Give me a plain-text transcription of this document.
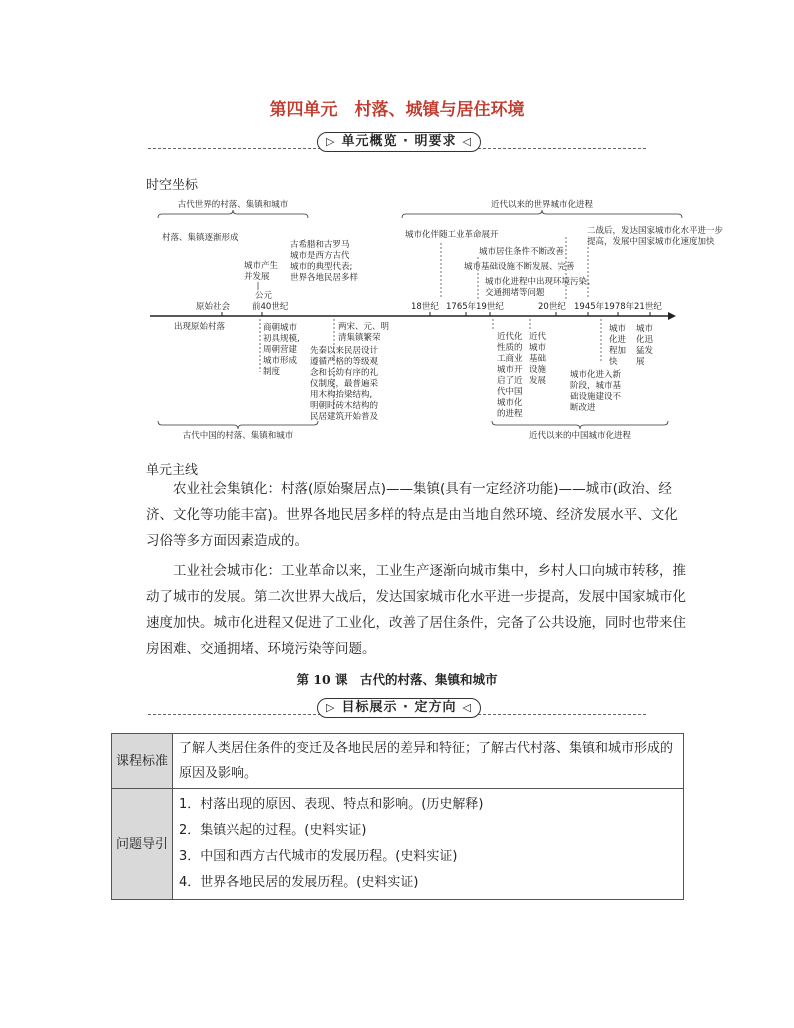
第四单元　村落、城镇与居住环境
▷ 单元概览 · 明要求 ◁
时空坐标
古代世界的村落、集镇和城市	近代以来的世界城市化进程
村落、集镇逐渐形成
城市产生
并发展
古希腊和古罗马
城市是西方古代
城市的典型代表;
世界各地民居多样
公元
前40世纪
城市化伴随工业革命展开	二战后，发达国家城市化水平进一步
提高，发展中国家城市化速度加快
城市居住条件不断改善
城市基础设施不断发展、完善
城市化进程中出现环境污染、
交通拥堵等问题
原始社会	18世纪 1765年 19世纪	20世纪 1945年 1978年 21世纪
出现原始村落	商朝城市
初具规模,
周朝营建
城市形成
制度
两宋、元、明
清集镇繁荣
先秦以来民居设计
遵循严格的等级观
念和长幼有序的礼
仪制度，最普遍采
用木构抬梁结构,
明朝时砖木结构的
民居建筑开始普及
近代化
性质的
工商业
城市开
启了近
代中国
城市化
的进程
近代
城市
基础
设施
发展
城市
化进
程加
快
城市
化迅
猛发
展
城市化进入新
阶段，城市基
础设施建设不
断改进
古代中国的村落、集镇和城市	近代以来的中国城市化进程
单元主线

农业社会集镇化：村落(原始聚居点)——集镇(具有一定经济功能)——城市(政治、经济、文化等功能丰富)。世界各地民居多样的特点是由当地自然环境、经济发展水平、文化习俗等多方面因素造成的。

工业社会城市化：工业革命以来，工业生产逐渐向城市集中，乡村人口向城市转移，推动了城市的发展。第二次世界大战后，发达国家城市化水平进一步提高，发展中国家城市化速度加快。城市化进程又促进了工业化，改善了居住条件，完备了公共设施，同时也带来住房困难、交通拥堵、环境污染等问题。

第 10 课　古代的村落、集镇和城市
▷ 目标展示 · 定方向 ◁
课程标准	了解人类居住条件的变迁及各地民居的差异和特征；了解古代村落、集镇和城市形成的原因及影响。
问题导引	1．村落出现的原因、表现、特点和影响。(历史解释)
2．集镇兴起的过程。(史料实证)
3．中国和西方古代城市的发展历程。(史料实证)
4．世界各地民居的发展历程。(史料实证)
